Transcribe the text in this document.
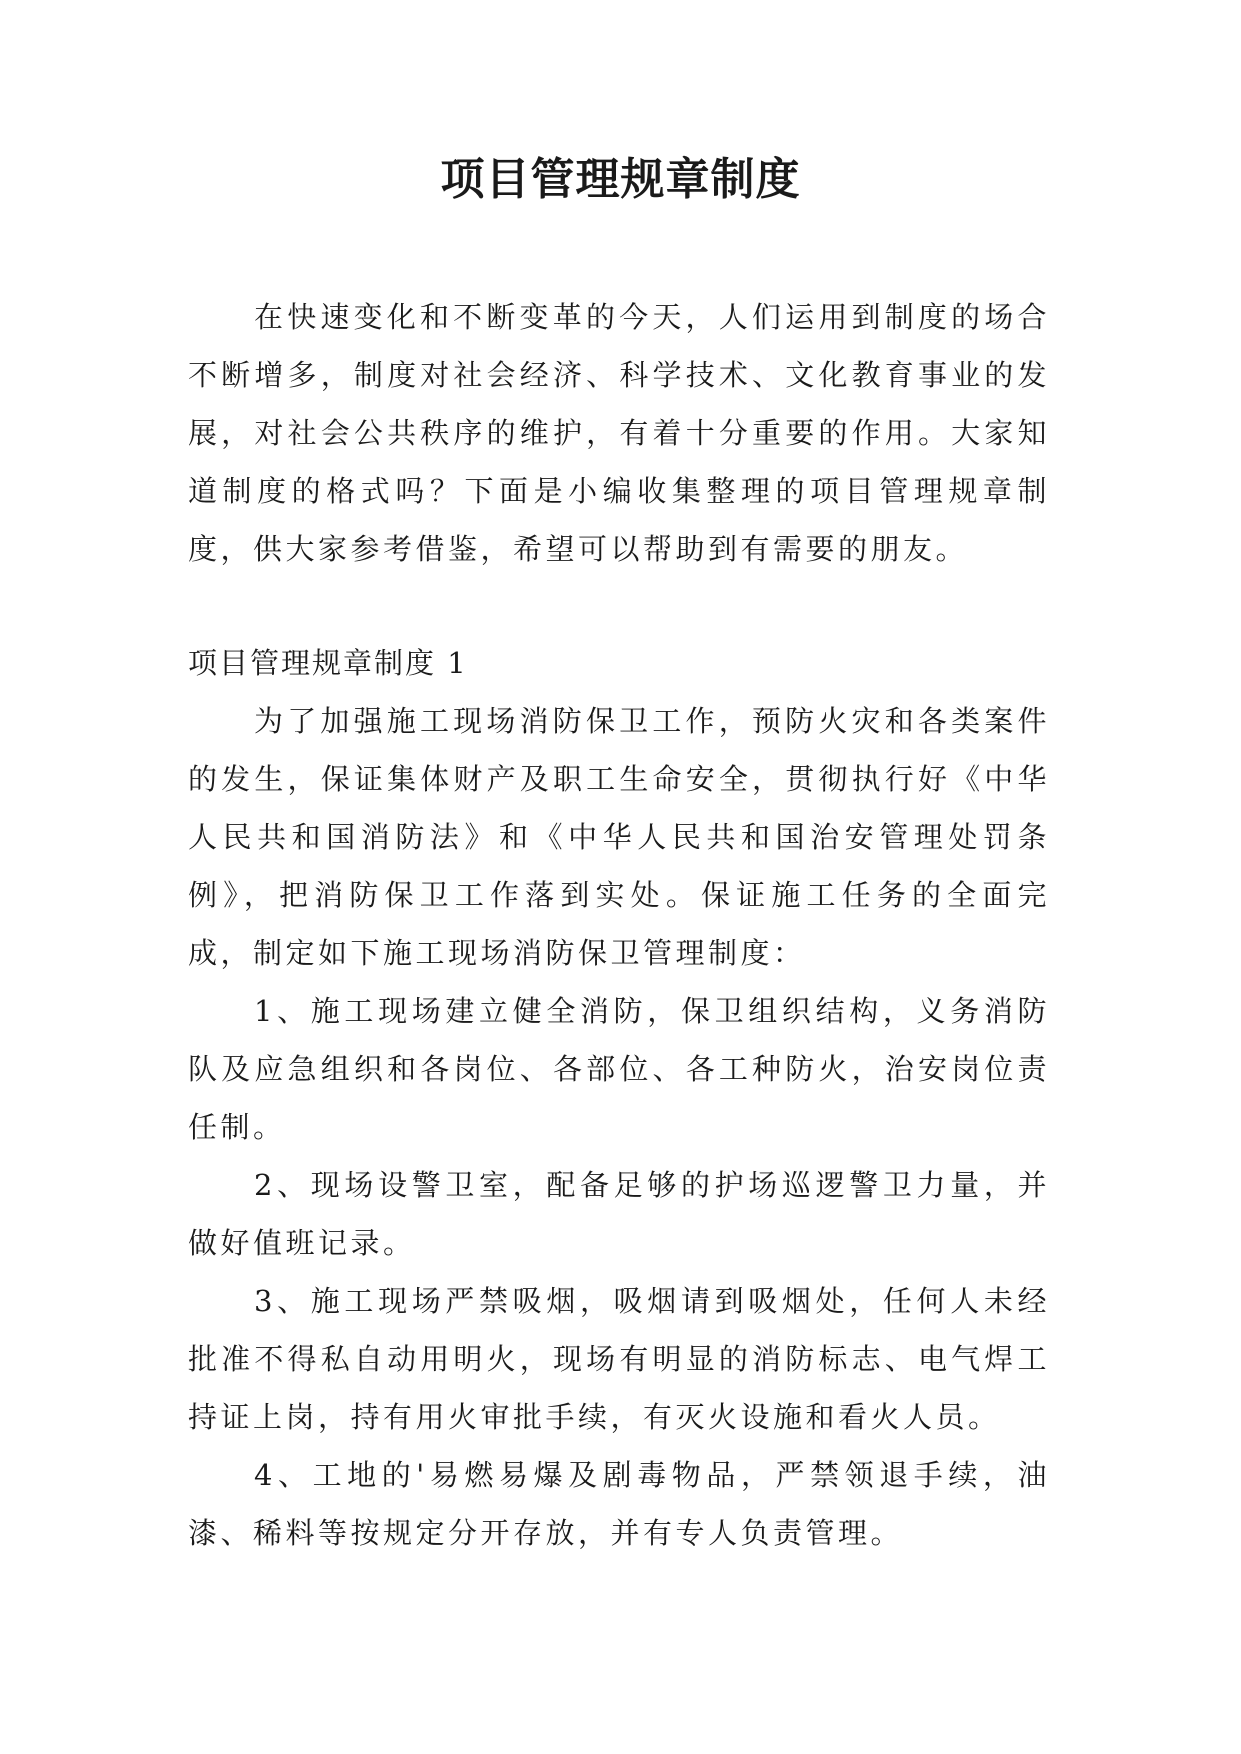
项目管理规章制度

在快速变化和不断变革的今天，人们运用到制度的场合不断增多，制度对社会经济、科学技术、文化教育事业的发展，对社会公共秩序的维护，有着十分重要的作用。大家知道制度的格式吗？下面是小编收集整理的项目管理规章制度，供大家参考借鉴，希望可以帮助到有需要的朋友。

项目管理规章制度 1

为了加强施工现场消防保卫工作，预防火灾和各类案件的发生，保证集体财产及职工生命安全，贯彻执行好《中华人民共和国消防法》和《中华人民共和国治安管理处罚条例》，把消防保卫工作落到实处。保证施工任务的全面完成，制定如下施工现场消防保卫管理制度：

1、施工现场建立健全消防，保卫组织结构，义务消防队及应急组织和各岗位、各部位、各工种防火，治安岗位责任制。

2、现场设警卫室，配备足够的护场巡逻警卫力量，并做好值班记录。

3、施工现场严禁吸烟，吸烟请到吸烟处，任何人未经批准不得私自动用明火，现场有明显的消防标志、电气焊工持证上岗，持有用火审批手续，有灭火设施和看火人员。

4、工地的'易燃易爆及剧毒物品，严禁领退手续，油漆、稀料等按规定分开存放，并有专人负责管理。
